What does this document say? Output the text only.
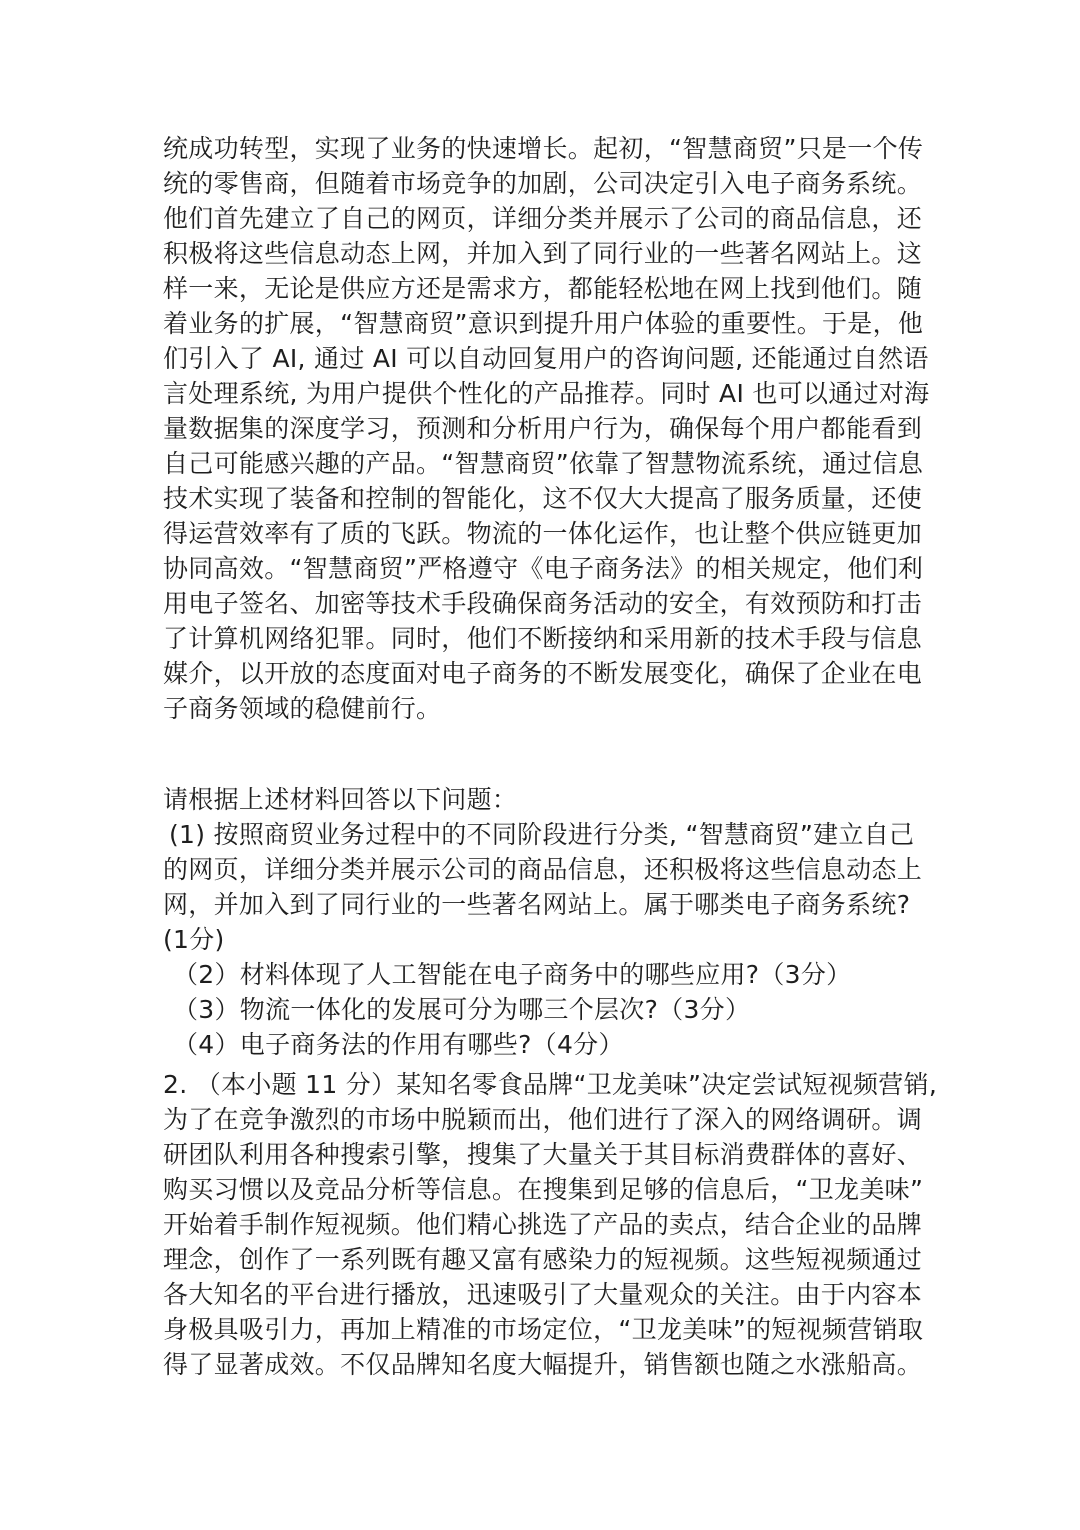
统成功转型，实现了业务的快速增长。起初，“智慧商贸”只是一个传
统的零售商，但随着市场竞争的加剧，公司决定引入电子商务系统。
他们首先建立了自己的网页，详细分类并展示了公司的商品信息，还
积极将这些信息动态上网，并加入到了同行业的一些著名网站上。这
样一来，无论是供应方还是需求方，都能轻松地在网上找到他们。随
着业务的扩展，“智慧商贸”意识到提升用户体验的重要性。于是，他
们引入了 AI, 通过 AI 可以自动回复用户的咨询问题, 还能通过自然语
言处理系统, 为用户提供个性化的产品推荐。同时 AI 也可以通过对海
量数据集的深度学习，预测和分析用户行为，确保每个用户都能看到
自己可能感兴趣的产品。“智慧商贸”依靠了智慧物流系统，通过信息
技术实现了装备和控制的智能化，这不仅大大提高了服务质量，还使
得运营效率有了质的飞跃。物流的一体化运作，也让整个供应链更加
协同高效。“智慧商贸”严格遵守《电子商务法》的相关规定，他们利
用电子签名、加密等技术手段确保商务活动的安全，有效预防和打击
了计算机网络犯罪。同时，他们不断接纳和采用新的技术手段与信息
媒介，以开放的态度面对电子商务的不断发展变化，确保了企业在电
子商务领域的稳健前行。
请根据上述材料回答以下问题：
(1) 按照商贸业务过程中的不同阶段进行分类, “智慧商贸”建立自己
的网页，详细分类并展示公司的商品信息，还积极将这些信息动态上
网，并加入到了同行业的一些著名网站上。属于哪类电子商务系统?
(1分)
（2）材料体现了人工智能在电子商务中的哪些应用?（3分）
（3）物流一体化的发展可分为哪三个层次?（3分）
（4）电子商务法的作用有哪些?（4分）
2. （本小题 11 分）某知名零食品牌“卫龙美味”决定尝试短视频营销,
为了在竞争激烈的市场中脱颖而出，他们进行了深入的网络调研。调
研团队利用各种搜索引擎，搜集了大量关于其目标消费群体的喜好、
购买习惯以及竞品分析等信息。在搜集到足够的信息后，“卫龙美味”
开始着手制作短视频。他们精心挑选了产品的卖点，结合企业的品牌
理念，创作了一系列既有趣又富有感染力的短视频。这些短视频通过
各大知名的平台进行播放，迅速吸引了大量观众的关注。由于内容本
身极具吸引力，再加上精准的市场定位，“卫龙美味”的短视频营销取
得了显著成效。不仅品牌知名度大幅提升，销售额也随之水涨船高。
